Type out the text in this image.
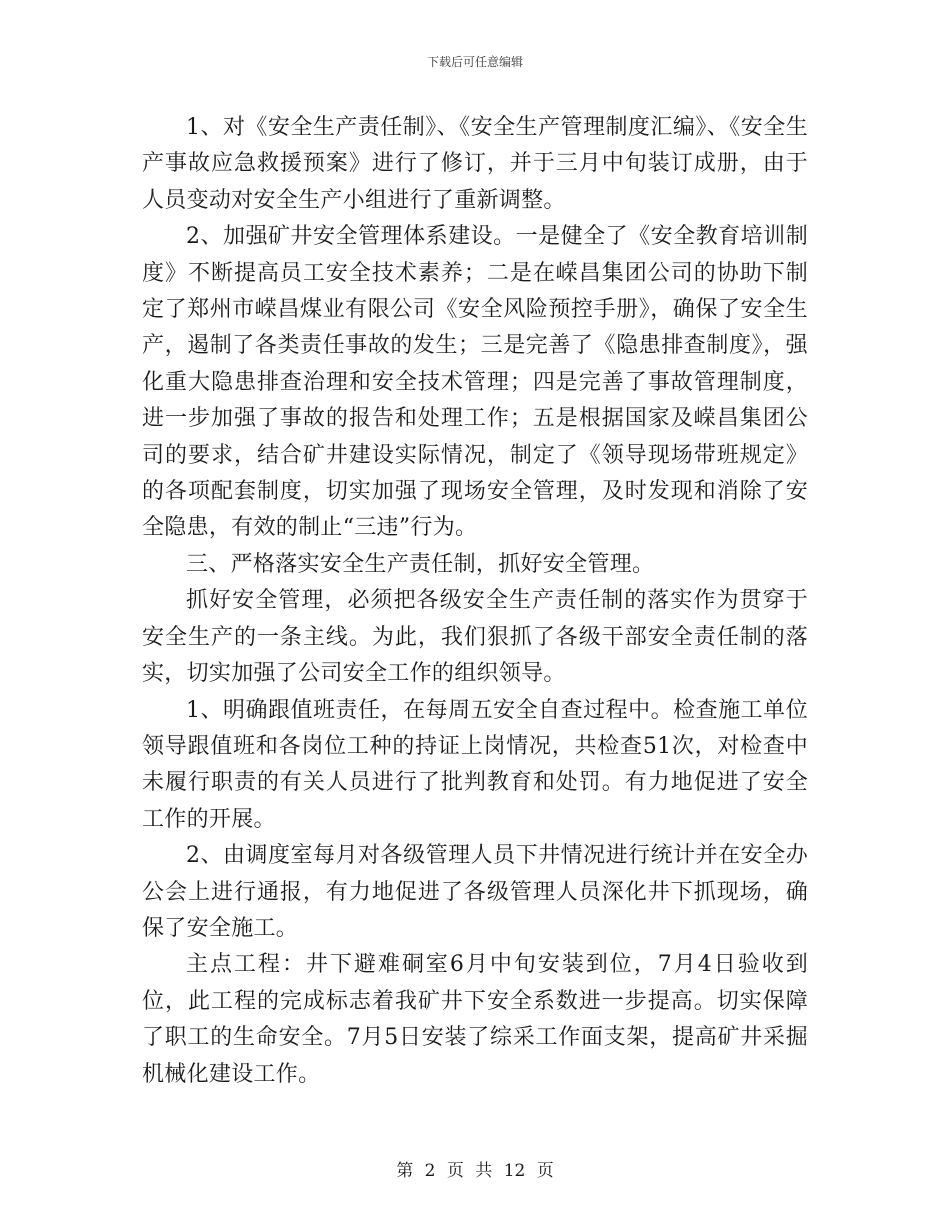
下载后可任意编辑

1、对《安全生产责任制》、《安全生产管理制度汇编》、《安全生产事故应急救援预案》进行了修订，并于三月中旬装订成册，由于人员变动对安全生产小组进行了重新调整。

2、加强矿井安全管理体系建设。一是健全了《安全教育培训制度》不断提高员工安全技术素养；二是在嵘昌集团公司的协助下制定了郑州市嵘昌煤业有限公司《安全风险预控手册》，确保了安全生产，遏制了各类责任事故的发生；三是完善了《隐患排查制度》，强化重大隐患排查治理和安全技术管理；四是完善了事故管理制度，进一步加强了事故的报告和处理工作；五是根据国家及嵘昌集团公司的要求，结合矿井建设实际情况，制定了《领导现场带班规定》的各项配套制度，切实加强了现场安全管理，及时发现和消除了安全隐患，有效的制止“三违”行为。

三、严格落实安全生产责任制，抓好安全管理。

抓好安全管理，必须把各级安全生产责任制的落实作为贯穿于安全生产的一条主线。为此，我们狠抓了各级干部安全责任制的落实，切实加强了公司安全工作的组织领导。

1、明确跟值班责任，在每周五安全自查过程中。检查施工单位领导跟值班和各岗位工种的持证上岗情况，共检查51次，对检查中未履行职责的有关人员进行了批判教育和处罚。有力地促进了安全工作的开展。

2、由调度室每月对各级管理人员下井情况进行统计并在安全办公会上进行通报，有力地促进了各级管理人员深化井下抓现场，确保了安全施工。

主点工程：井下避难硐室6月中旬安装到位，7月4日验收到位，此工程的完成标志着我矿井下安全系数进一步提高。切实保障了职工的生命安全。7月5日安装了综采工作面支架，提高矿井采掘机械化建设工作。

第 2 页 共 12 页
